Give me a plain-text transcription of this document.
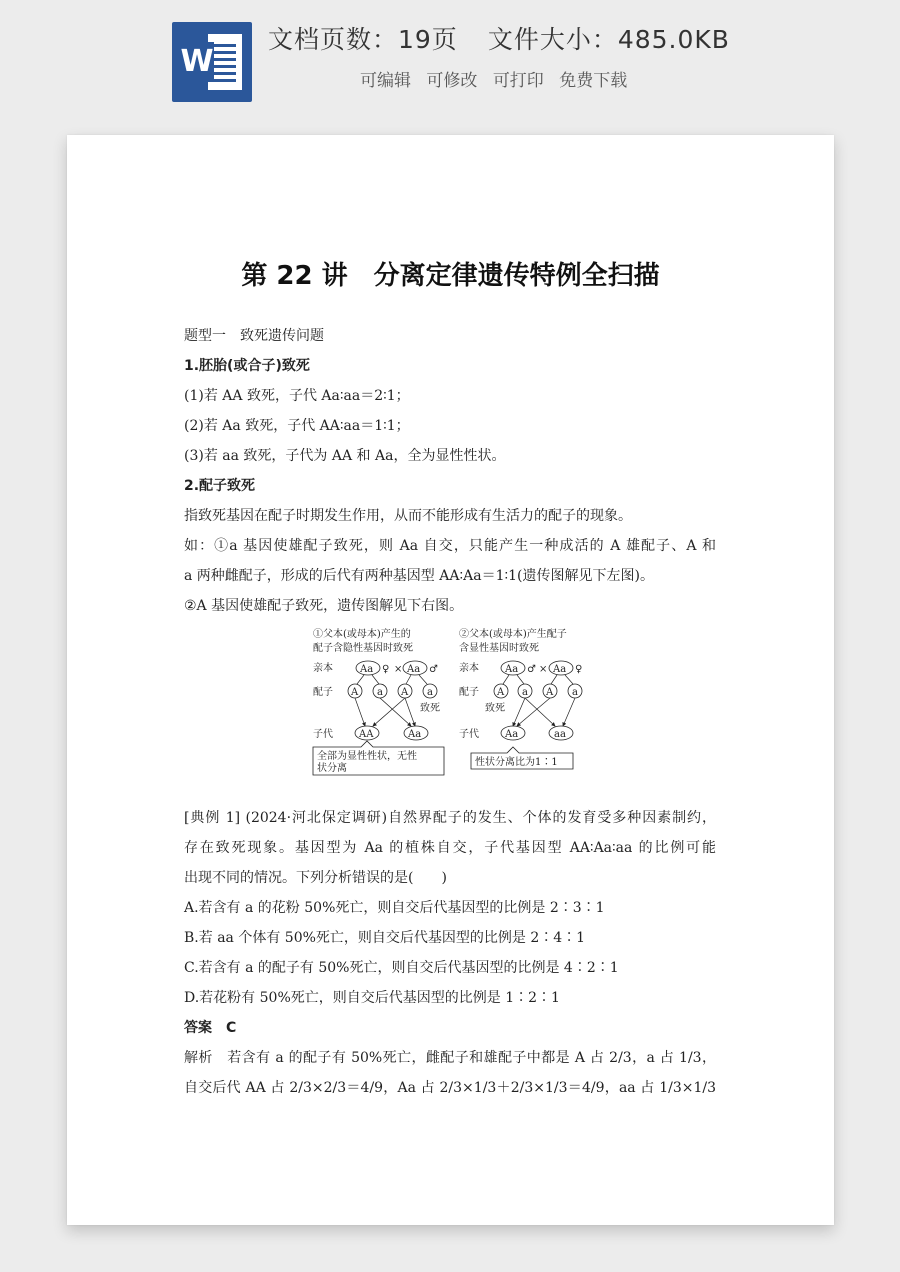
W
文档页数：19页 文件大小：485.0KB
可编辑 可修改 可打印 免费下载
第 22 讲　分离定律遗传特例全扫描
题型一　致死遗传问题
1.胚胎(或合子)致死
(1)若 AA 致死，子代 Aa∶aa＝2∶1；
(2)若 Aa 致死，子代 AA∶aa＝1∶1；
(3)若 aa 致死，子代为 AA 和 Aa，全为显性性状。
2.配子致死
指致死基因在配子时期发生作用，从而不能形成有生活力的配子的现象。
如：①a 基因使雄配子致死，则 Aa 自交，只能产生一种成活的 A 雄配子、A 和
a 两种雌配子，形成的后代有两种基因型 AA∶Aa＝1∶1(遗传图解见下左图)。
②A 基因使雄配子致死，遗传图解见下右图。
①父本(或母本)产生的
配子含隐性基因时致死
亲本	Aa ♀ × Aa ♂
配子 A a A a
致死
子代	AA	Aa
全部为显性性状，无性
状分离
②父本(或母本)产生配子
含显性基因时致死
亲本	Aa ♂ × Aa ♀
配子 A a A a
致死
子代	Aa	aa
性状分离比为1∶1
[典例 1] (2024·河北保定调研)自然界配子的发生、个体的发育受多种因素制约，
存在致死现象。基因型为 Aa 的植株自交，子代基因型 AA∶Aa∶aa 的比例可能
出现不同的情况。下列分析错误的是(　　)
A.若含有 a 的花粉 50%死亡，则自交后代基因型的比例是 2∶3∶1
B.若 aa 个体有 50%死亡，则自交后代基因型的比例是 2∶4∶1
C.若含有 a 的配子有 50%死亡，则自交后代基因型的比例是 4∶2∶1
D.若花粉有 50%死亡，则自交后代基因型的比例是 1∶2∶1
答案　C
解析　若含有 a 的配子有 50%死亡，雌配子和雄配子中都是 A 占 2/3，a 占 1/3，
自交后代 AA 占 2/3×2/3＝4/9，Aa 占 2/3×1/3＋2/3×1/3＝4/9，aa 占 1/3×1/3
